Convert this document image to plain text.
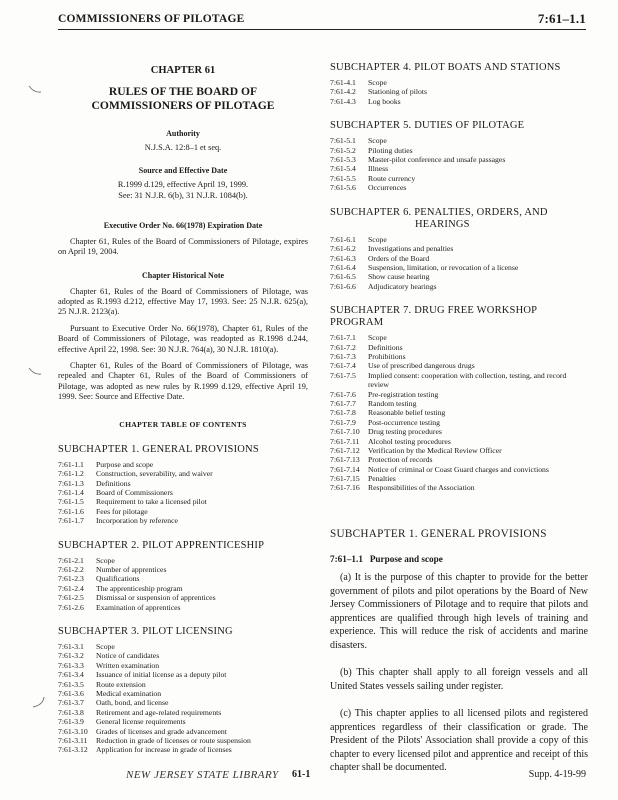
COMMISSIONERS OF PILOTAGE	7:61–1.1
CHAPTER 61
RULES OF THE BOARD OF COMMISSIONERS OF PILOTAGE
Authority
N.J.S.A. 12:8–1 et seq.
Source and Effective Date
R.1999 d.129, effective April 19, 1999.
See: 31 N.J.R. 6(b), 31 N.J.R. 1084(b).
Executive Order No. 66(1978) Expiration Date

Chapter 61, Rules of the Board of Commissioners of Pilotage, expires on April 19, 2004.

Chapter Historical Note

Chapter 61, Rules of the Board of Commissioners of Pilotage, was adopted as R.1993 d.212, effective May 17, 1993. See: 25 N.J.R. 625(a), 25 N.J.R. 2123(a).

Pursuant to Executive Order No. 66(1978), Chapter 61, Rules of the Board of Commissioners of Pilotage, was readopted as R.1998 d.244, effective April 22, 1998. See: 30 N.J.R. 764(a), 30 N.J.R. 1810(a).

Chapter 61, Rules of the Board of Commissioners of Pilotage, was repealed and Chapter 61, Rules of the Board of Commissioners of Pilotage, was adopted as new rules by R.1999 d.129, effective April 19, 1999. See: Source and Effective Date.

CHAPTER TABLE OF CONTENTS
SUBCHAPTER 1. GENERAL PROVISIONS
7:61-1.1	Purpose and scope
7:61-1.2	Construction, severability, and waiver
7:61-1.3	Definitions
7:61-1.4	Board of Commissioners
7:61-1.5	Requirement to take a licensed pilot
7:61-1.6	Fees for pilotage
7:61-1.7	Incorporation by reference
SUBCHAPTER 2. PILOT APPRENTICESHIP
7:61-2.1	Scope
7:61-2.2	Number of apprentices
7:61-2.3	Qualifications
7:61-2.4	The apprenticeship program
7:61-2.5	Dismissal or suspension of apprentices
7:61-2.6	Examination of apprentices
SUBCHAPTER 3. PILOT LICENSING
7:61-3.1	Scope
7:61-3.2	Notice of candidates
7:61-3.3	Written examination
7:61-3.4	Issuance of initial license as a deputy pilot
7:61-3.5	Route extension
7:61-3.6	Medical examination
7:61-3.7	Oath, bond, and license
7:61-3.8	Retirement and age-related requirements
7:61-3.9	General license requirements
7:61-3.10	Grades of licenses and grade advancement
7:61-3.11	Reduction in grade of licenses or route suspension
7:61-3.12	Application for increase in grade of licenses
SUBCHAPTER 4. PILOT BOATS AND STATIONS
7:61-4.1	Scope
7:61-4.2	Stationing of pilots
7:61-4.3	Log books
SUBCHAPTER 5. DUTIES OF PILOTAGE
7:61-5.1	Scope
7:61-5.2	Piloting duties
7:61-5.3	Master-pilot conference and unsafe passages
7:61-5.4	Illness
7:61-5.5	Route currency
7:61-5.6	Occurrences
SUBCHAPTER 6. PENALTIES, ORDERS, AND
HEARINGS
7:61-6.1	Scope
7:61-6.2	Investigations and penalties
7:61-6.3	Orders of the Board
7:61-6.4	Suspension, limitation, or revocation of a license
7:61-6.5	Show cause hearing
7:61-6.6	Adjudicatory hearings
SUBCHAPTER 7. DRUG FREE WORKSHOP PROGRAM
7:61-7.1	Scope
7:61-7.2	Definitions
7:61-7.3	Prohibitions
7:61-7.4	Use of prescribed dangerous drugs
7:61-7.5	Implied consent: cooperation with collection, testing, and record review
7:61-7.6	Pre-registration testing
7:61-7.7	Random testing
7:61-7.8	Reasonable belief testing
7:61-7.9	Post-occurrence testing
7:61-7.10	Drug testing procedures
7:61-7.11	Alcohol testing procedures
7:61-7.12	Verification by the Medical Review Officer
7:61-7.13	Protection of records
7:61-7.14	Notice of criminal or Coast Guard charges and convictions
7:61-7.15	Penalties
7:61-7.16	Responsibilities of the Association
SUBCHAPTER 1. GENERAL PROVISIONS
7:61–1.1 Purpose and scope

(a) It is the purpose of this chapter to provide for the better government of pilots and pilot operations by the Board of New Jersey Commissioners of Pilotage and to require that pilots and apprentices are qualified through high levels of training and experience. This will reduce the risk of accidents and marine disasters.

(b) This chapter shall apply to all foreign vessels and all United States vessels sailing under register.

(c) This chapter applies to all licensed pilots and registered apprentices regardless of their classification or grade. The President of the Pilots' Association shall provide a copy of this chapter to every licensed pilot and apprentice and receipt of this chapter shall be documented.

NEW JERSEY STATE LIBRARY 61-1	Supp. 4-19-99
